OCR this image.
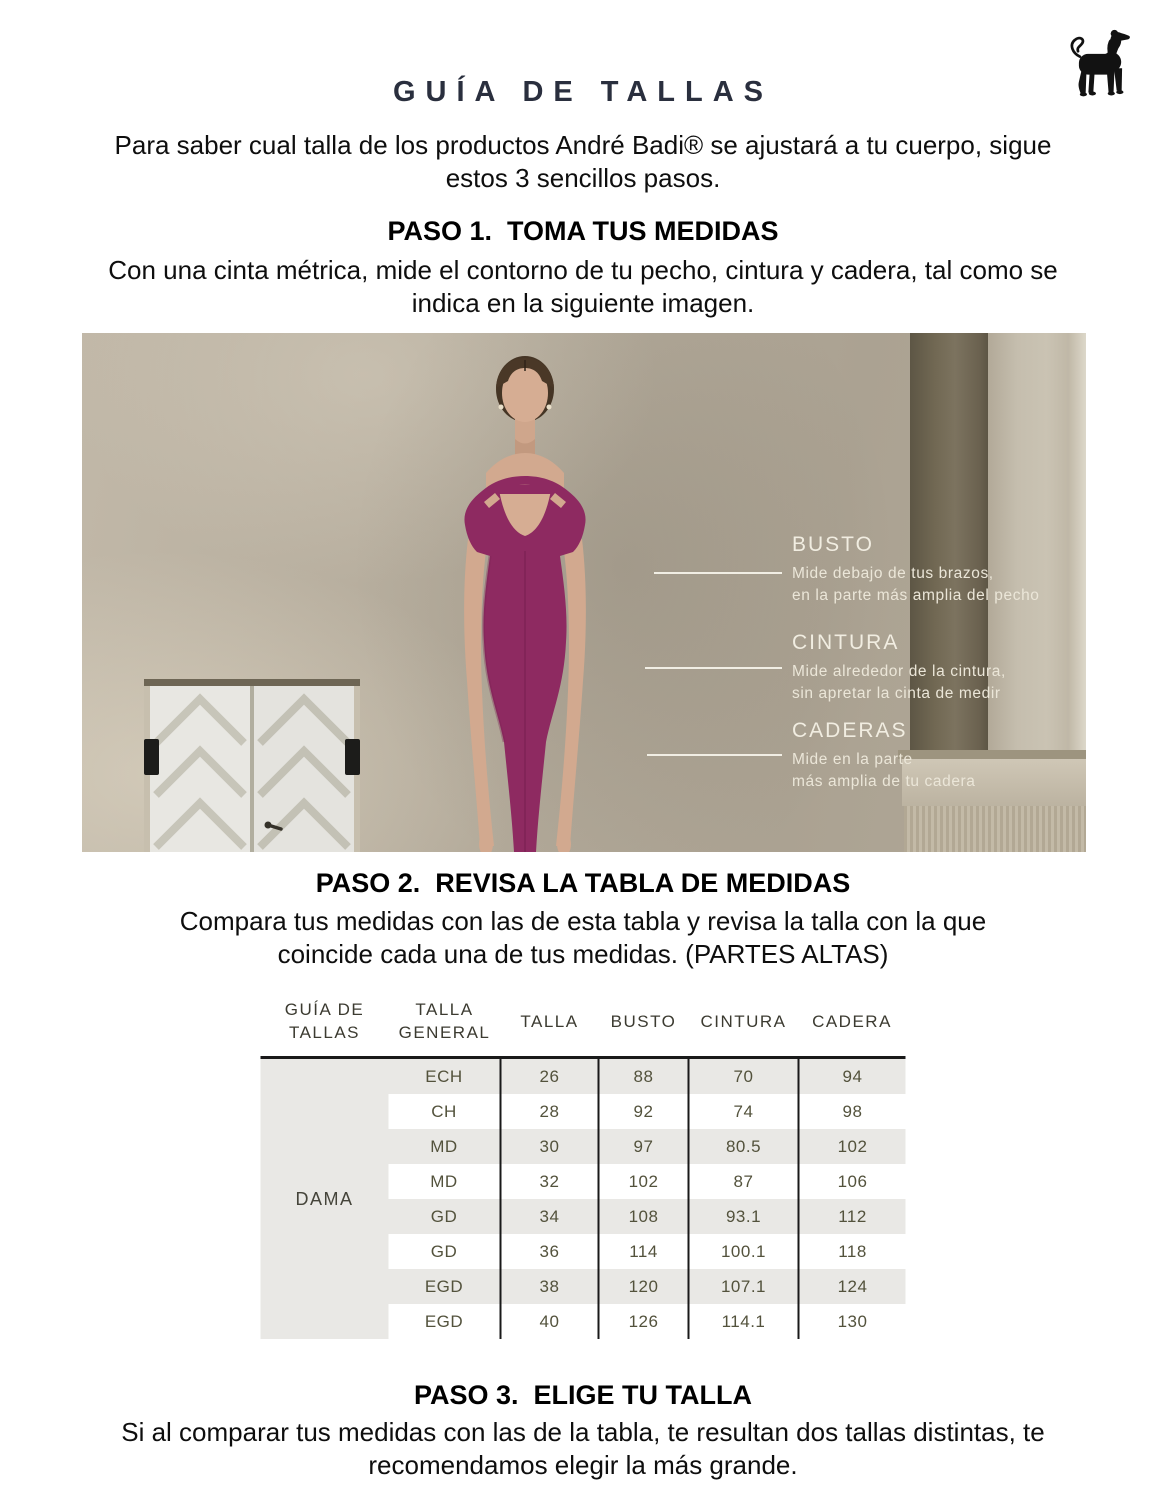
GUÍA DE TALLAS
Para saber cual talla de los productos André Badi® se ajustará a tu cuerpo, sigue estos 3 sencillos pasos.
PASO 1.  TOMA TUS MEDIDAS
Con una cinta métrica, mide el contorno de tu pecho, cintura y cadera, tal como se indica en la siguiente imagen.
BUSTO
Mide debajo de tus brazos,
en la parte más amplia del pecho
CINTURA
Mide alrededor de la cintura,
sin apretar la cinta de medir
CADERAS
Mide en la parte
más amplia de tu cadera
PASO 2.  REVISA LA TABLA DE MEDIDAS
Compara tus medidas con las de esta tabla y revisa la talla con la que coincide cada una de tus medidas. (PARTES ALTAS)
GUÍA DE TALLAS	TALLA GENERAL	TALLA	BUSTO	CINTURA	CADERA
DAMA	ECH	26	88	70	94
	CH	28	92	74	98
	MD	30	97	80.5	102
	MD	32	102	87	106
	GD	34	108	93.1	112
	GD	36	114	100.1	118
	EGD	38	120	107.1	124
	EGD	40	126	114.1	130
PASO 3.  ELIGE TU TALLA
Si al comparar tus medidas con las de la tabla, te resultan dos tallas distintas, te recomendamos elegir la más grande.
